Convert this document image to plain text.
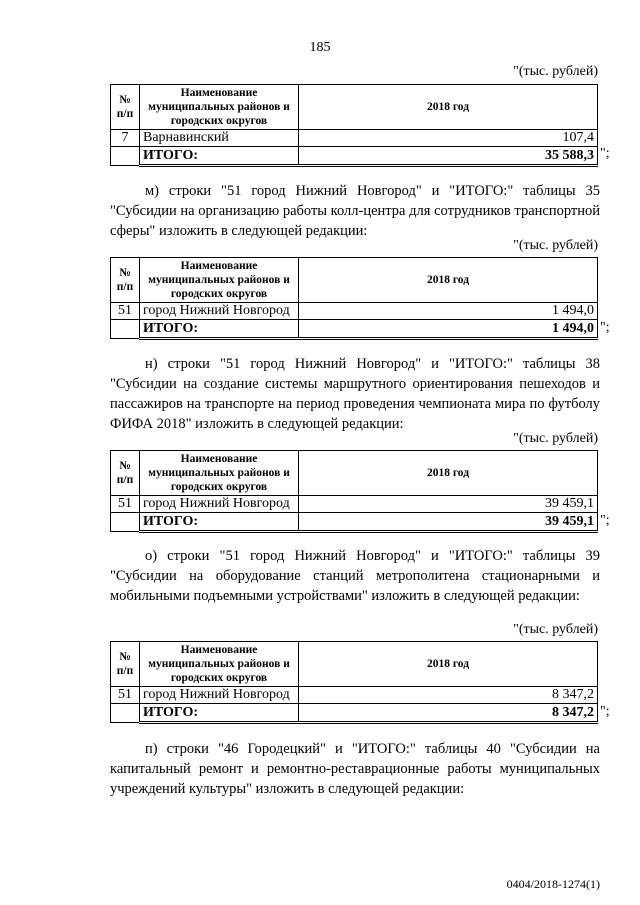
185
"(тыс. рублей)
№
п/п	Наименование муниципальных районов и городских округов	2018 год
7	Варнавинский	107,4
	ИТОГО:	35 588,3 ";
м) строки "51 город Нижний Новгород" и "ИТОГО:" таблицы 35 "Субсидии на организацию работы колл-центра для сотрудников транспортной сферы" изложить в следующей редакции:
"(тыс. рублей)
№
п/п	Наименование муниципальных районов и городских округов	2018 год
51	город Нижний Новгород	1 494,0
	ИТОГО:	1 494,0 ";
н) строки "51 город Нижний Новгород" и "ИТОГО:" таблицы 38 "Субсидии на создание системы маршрутного ориентирования пешеходов и пассажиров на транспорте на период проведения чемпионата мира по футболу ФИФА 2018" изложить в следующей редакции:
"(тыс. рублей)
№
п/п	Наименование муниципальных районов и городских округов	2018 год
51	город Нижний Новгород	39 459,1
	ИТОГО:	39 459,1 ";
о) строки "51 город Нижний Новгород" и "ИТОГО:" таблицы 39 "Субсидии на оборудование станций метрополитена стационарными и мобильными подъемными устройствами" изложить в следующей редакции:
"(тыс. рублей)
№
п/п	Наименование муниципальных районов и городских округов	2018 год
51	город Нижний Новгород	8 347,2
	ИТОГО:	8 347,2 ";
п) строки "46 Городецкий" и "ИТОГО:" таблицы 40 "Субсидии на капитальный ремонт и ремонтно-реставрационные работы муниципальных учреждений культуры" изложить в следующей редакции:
0404/2018-1274(1)
